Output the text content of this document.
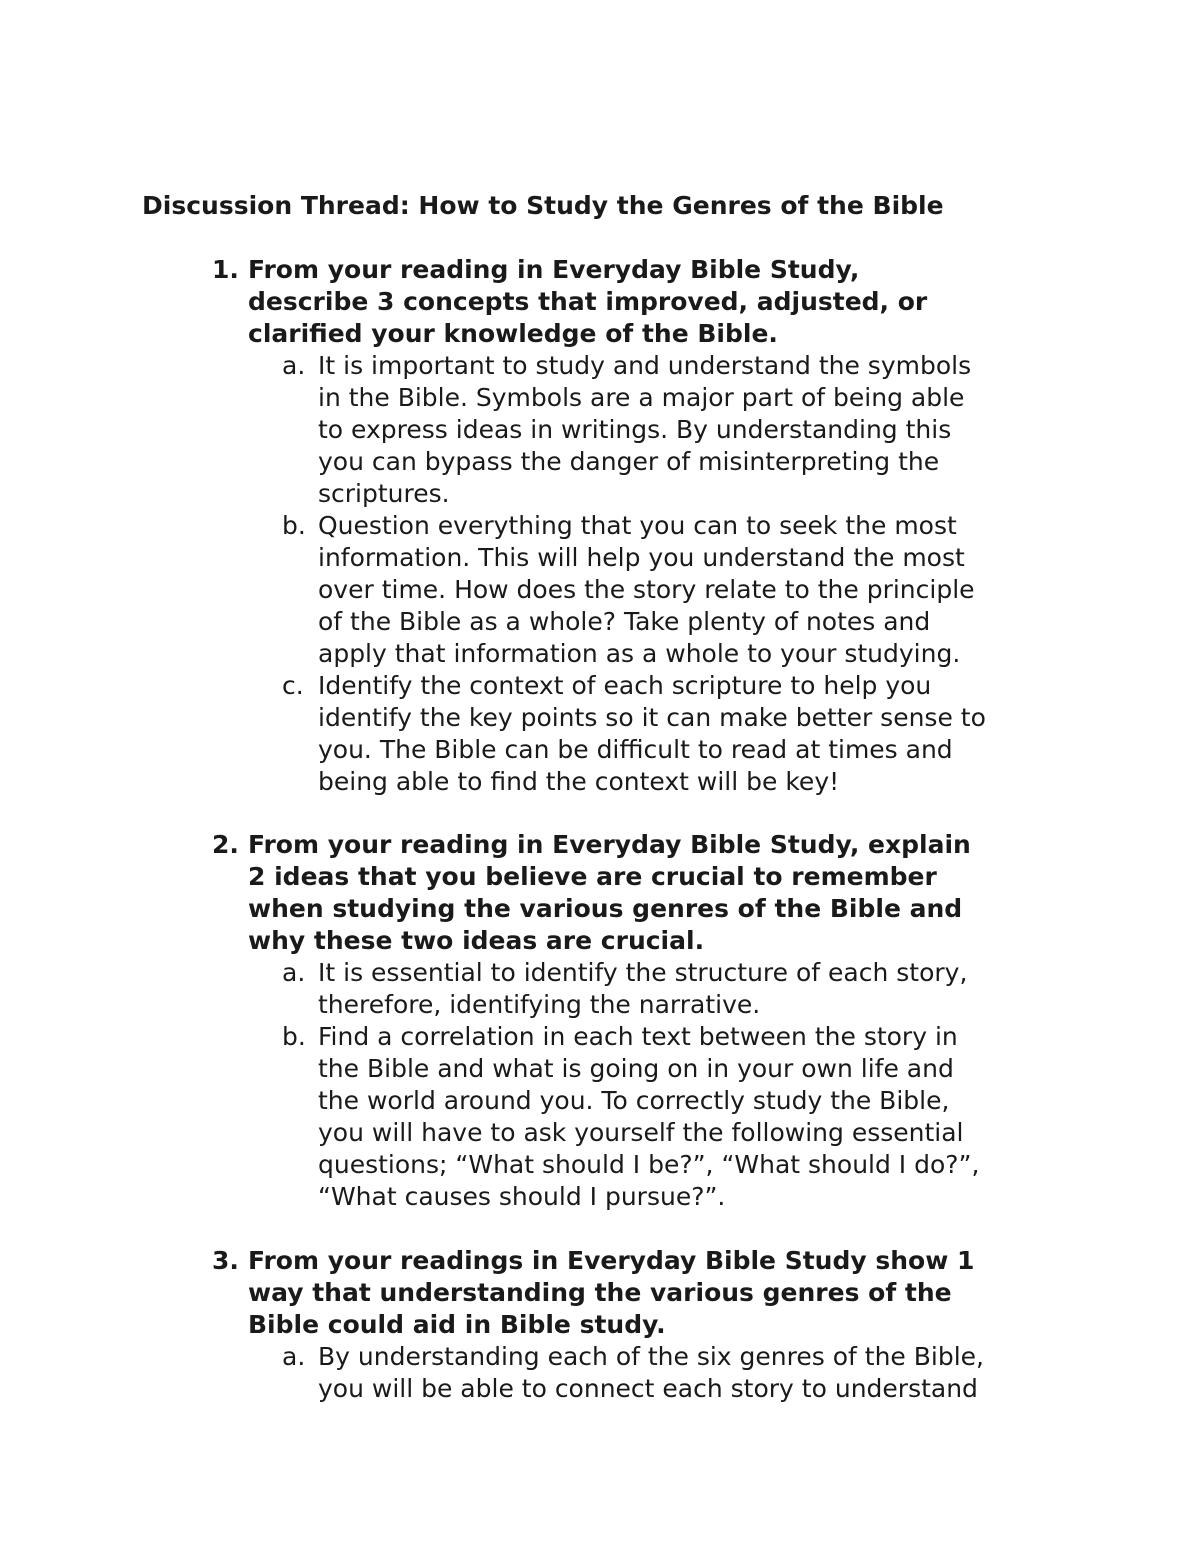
Discussion Thread: How to Study the Genres of the Bible
1. From your reading in Everyday Bible Study,
describe 3 concepts that improved, adjusted, or
clarified your knowledge of the Bible.
a. It is important to study and understand the symbols
in the Bible. Symbols are a major part of being able
to express ideas in writings. By understanding this
you can bypass the danger of misinterpreting the
scriptures.
b. Question everything that you can to seek the most
information. This will help you understand the most
over time. How does the story relate to the principle
of the Bible as a whole? Take plenty of notes and
apply that information as a whole to your studying.
c. Identify the context of each scripture to help you
identify the key points so it can make better sense to
you. The Bible can be difficult to read at times and
being able to find the context will be key!
2. From your reading in Everyday Bible Study, explain
2 ideas that you believe are crucial to remember
when studying the various genres of the Bible and
why these two ideas are crucial.
a. It is essential to identify the structure of each story,
therefore, identifying the narrative.
b. Find a correlation in each text between the story in
the Bible and what is going on in your own life and
the world around you. To correctly study the Bible,
you will have to ask yourself the following essential
questions; “What should I be?”, “What should I do?”,
“What causes should I pursue?”.
3. From your readings in Everyday Bible Study show 1
way that understanding the various genres of the
Bible could aid in Bible study.
a. By understanding each of the six genres of the Bible,
you will be able to connect each story to understand
